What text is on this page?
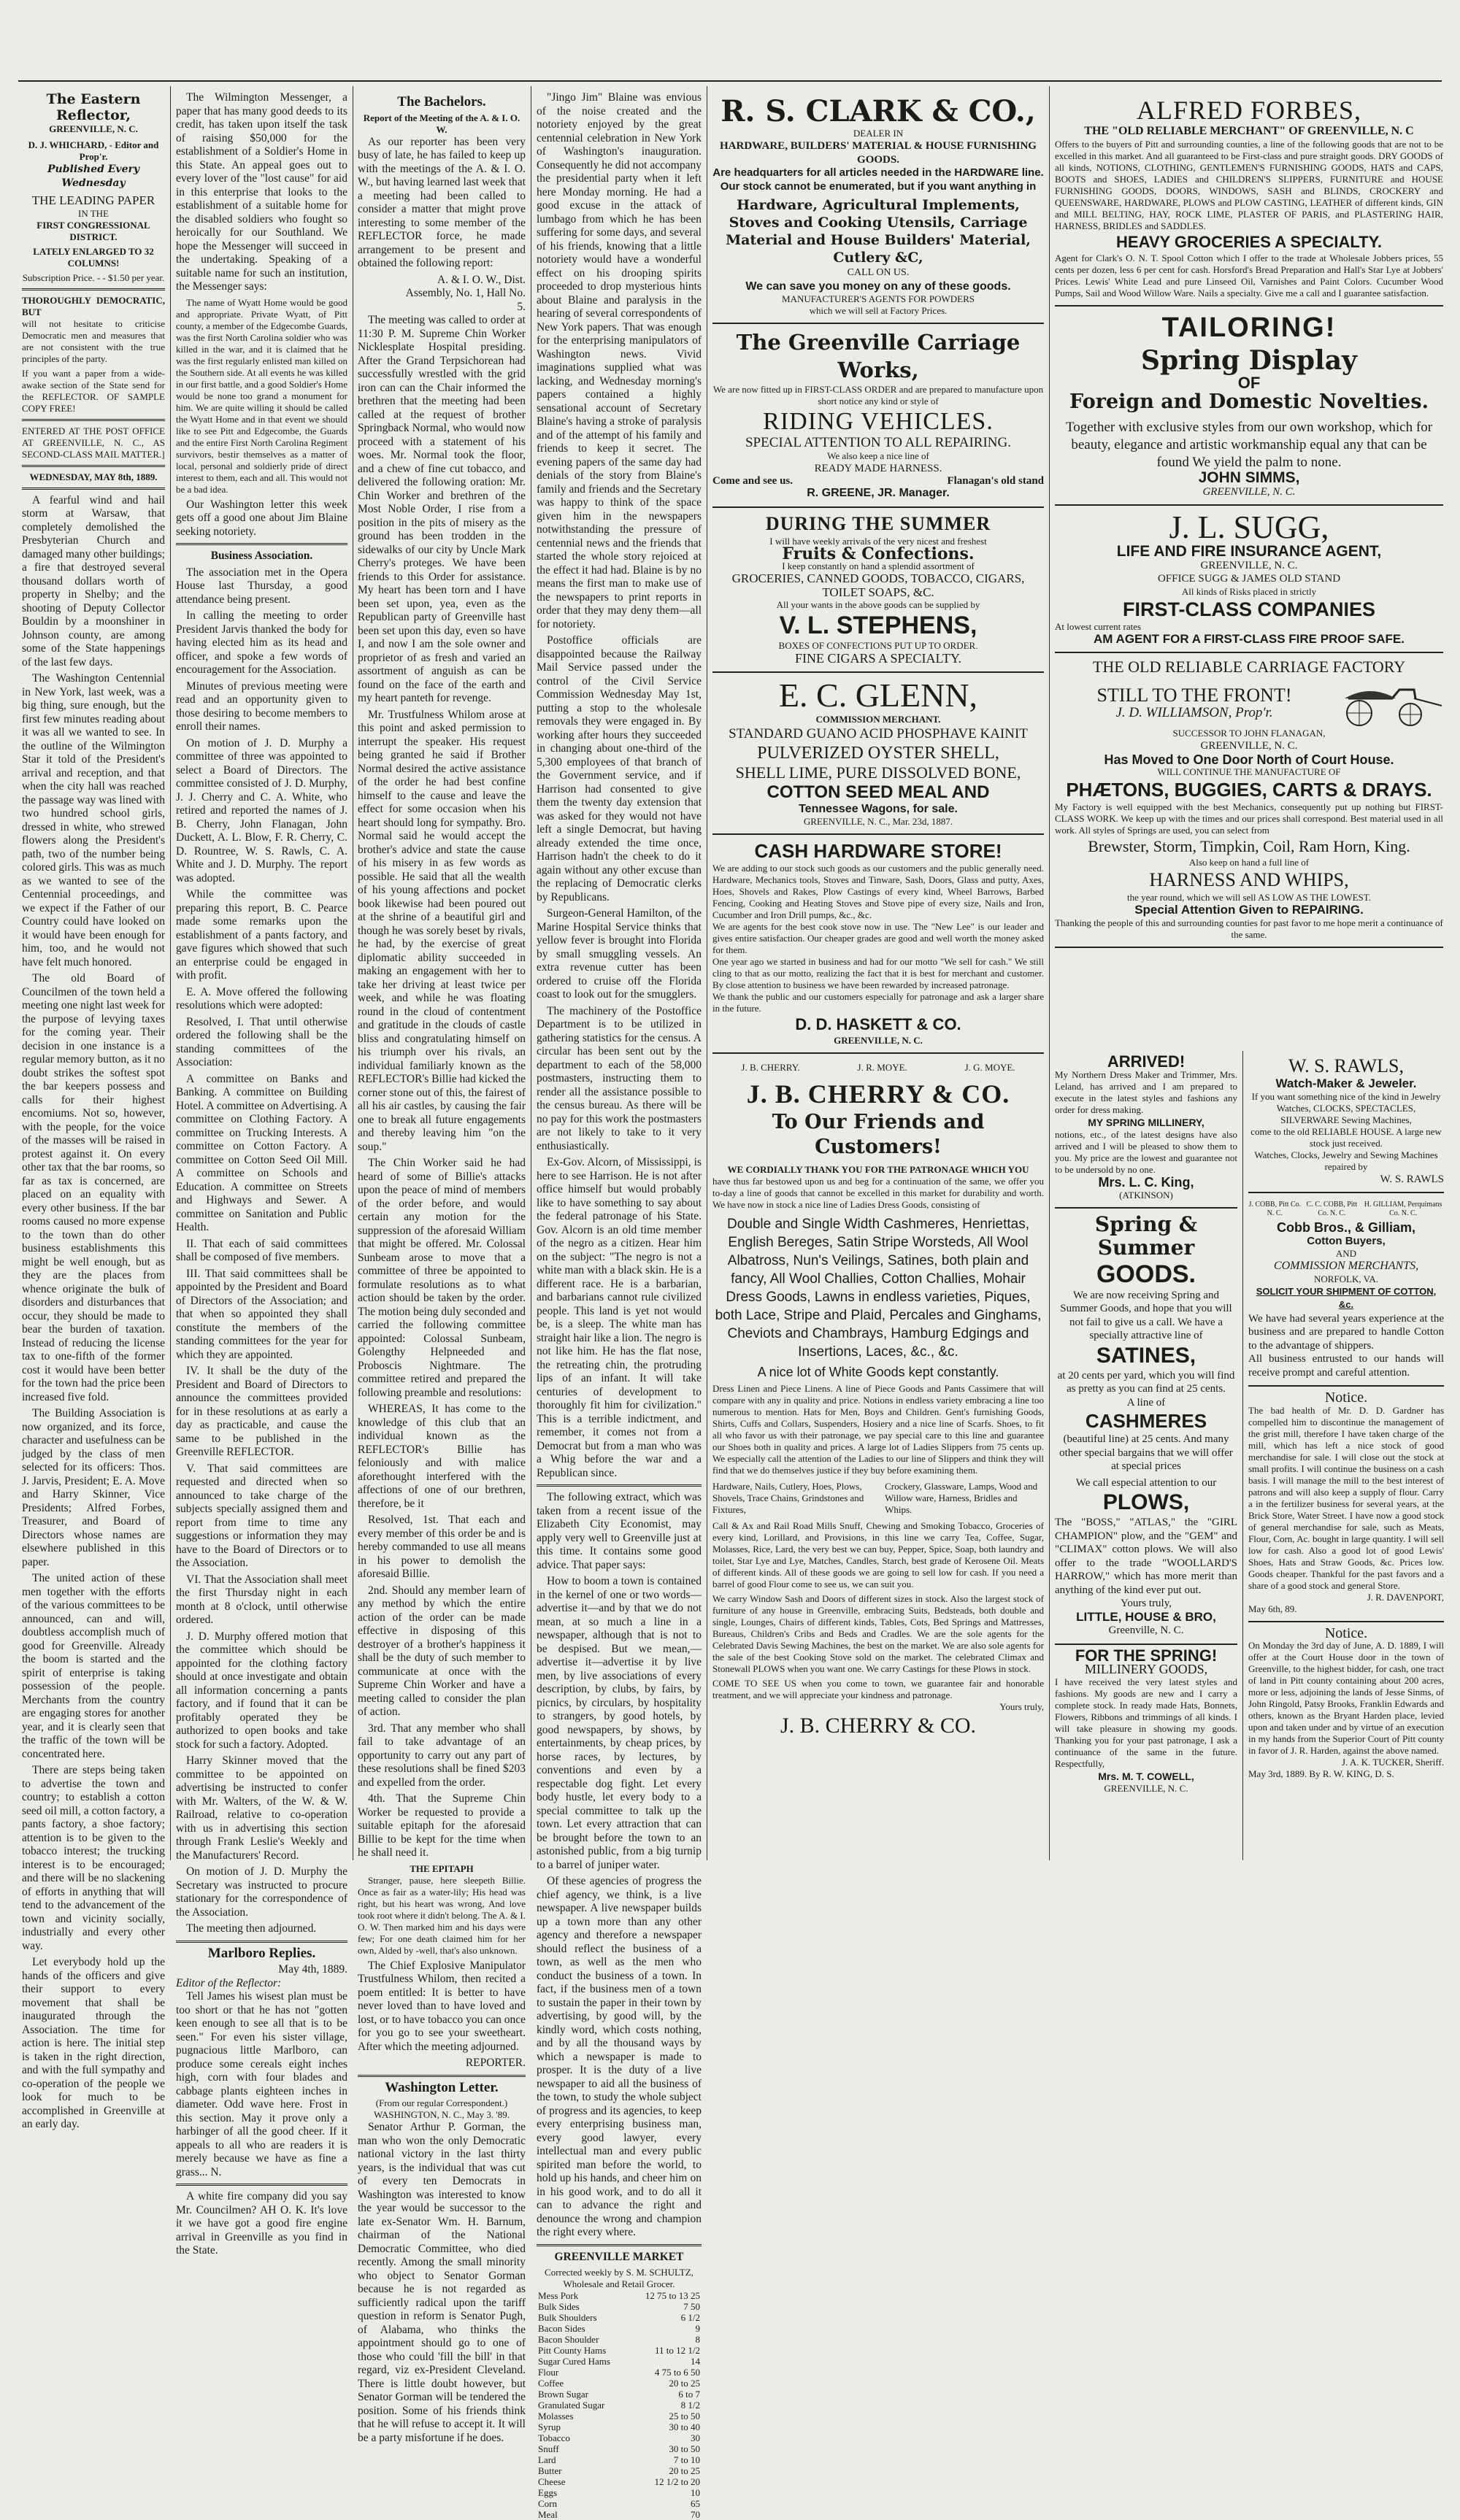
The Eastern Reflector,
GREENVILLE, N. C.
D. J. WHICHARD, - Editor and Prop'r.
Published Every Wednesday
THE LEADING PAPER
IN THE
FIRST CONGRESSIONAL DISTRICT.
LATELY ENLARGED TO 32 COLUMNS!
Subscription Price. - - $1.50 per year.
THOROUGHLY DEMOCRATIC, BUT
will not hesitate to criticise Democratic men and measures that are not consistent with the true principles of the party.
If you want a paper from a wide-awake section of the State send for the REFLECTOR. OF SAMPLE COPY FREE!
ENTERED AT THE POST OFFICE AT GREENVILLE, N. C., AS SECOND-CLASS MAIL MATTER.]
WEDNESDAY, MAY 8th, 1889.

A fearful wind and hail storm at Warsaw, that completely demolished the Presbyterian Church and damaged many other buildings; a fire that destroyed several thousand dollars worth of property in Shelby; and the shooting of Deputy Collector Bouldin by a moonshiner in Johnson county, are among some of the State happenings of the last few days.

The Washington Centennial in New York, last week, was a big thing, sure enough, but the first few minutes reading about it was all we wanted to see. In the outline of the Wilmington Star it told of the President's arrival and reception, and that when the city hall was reached the passage way was lined with two hundred school girls, dressed in white, who strewed flowers along the President's path, two of the number being colored girls. This was as much as we wanted to see of the Centennial proceedings, and we expect if the Father of our Country could have looked on it would have been enough for him, too, and he would not have felt much honored.

The old Board of Councilmen of the town held a meeting one night last week for the purpose of levying taxes for the coming year. Their decision in one instance is a regular memory button, as it no doubt strikes the softest spot the bar keepers possess and calls for their highest encomiums. Not so, however, with the people, for the voice of the masses will be raised in protest against it. On every other tax that the bar rooms, so far as tax is concerned, are placed on an equality with every other business. If the bar rooms caused no more expense to the town than do other business establishments this might be well enough, but as they are the places from whence originate the bulk of disorders and disturbances that occur, they should be made to bear the burden of taxation. Instead of reducing the license tax to one-fifth of the former cost it would have been better for the town had the price been increased five fold.

The Building Association is now organized, and its force, character and usefulness can be judged by the class of men selected for its officers: Thos. J. Jarvis, President; E. A. Move and Harry Skinner, Vice Presidents; Alfred Forbes, Treasurer, and Board of Directors whose names are elsewhere published in this paper.

The united action of these men together with the efforts of the various committees to be announced, can and will, doubtless accomplish much of good for Greenville. Already the boom is started and the spirit of enterprise is taking possession of the people. Merchants from the country are engaging stores for another year, and it is clearly seen that the traffic of the town will be concentrated here.

There are steps being taken to advertise the town and country; to establish a cotton seed oil mill, a cotton factory, a pants factory, a shoe factory; attention is to be given to the tobacco interest; the trucking interest is to be encouraged; and there will be no slackening of efforts in anything that will tend to the advancement of the town and vicinity socially, industrially and every other way.

Let everybody hold up the hands of the officers and give their support to every movement that shall be inaugurated through the Association. The time for action is here. The initial step is taken in the right direction, and with the full sympathy and co-operation of the people we look for much to be accomplished in Greenville at an early day.

The Wilmington Messenger, a paper that has many good deeds to its credit, has taken upon itself the task of raising $50,000 for the establishment of a Soldier's Home in this State. An appeal goes out to every lover of the "lost cause" for aid in this enterprise that looks to the establishment of a suitable home for the disabled soldiers who fought so heroically for our Southland. We hope the Messenger will succeed in the undertaking. Speaking of a suitable name for such an institution, the Messenger says:

The name of Wyatt Home would be good and appropriate. Private Wyatt, of Pitt county, a member of the Edgecombe Guards, was the first North Carolina soldier who was killed in the war, and it is claimed that he was the first regularly enlisted man killed on the Southern side. At all events he was killed in our first battle, and a good Soldier's Home would be none too grand a monument for him. We are quite willing it should be called the Wyatt Home and in that event we should like to see Pitt and Edgecombe, the Guards and the entire First North Carolina Regiment survivors, bestir themselves as a matter of local, personal and soldierly pride of direct interest to them, each and all. This would not be a bad idea.

Our Washington letter this week gets off a good one about Jim Blaine seeking notoriety.

Business Association.

The association met in the Opera House last Thursday, a good attendance being present.

In calling the meeting to order President Jarvis thanked the body for having elected him as its head and officer, and spoke a few words of encouragement for the Association.

Minutes of previous meeting were read and an opportunity given to those desiring to become members to enroll their names.

On motion of J. D. Murphy a committee of three was appointed to select a Board of Directors. The committee consisted of J. D. Murphy, J. J. Cherry and C. A. White, who retired and reported the names of J. B. Cherry, John Flanagan, John Duckett, A. L. Blow, F. R. Cherry, C. D. Rountree, W. S. Rawls, C. A. White and J. D. Murphy. The report was adopted.

While the committee was preparing this report, B. C. Pearce made some remarks upon the establishment of a pants factory, and gave figures which showed that such an enterprise could be engaged in with profit.

E. A. Move offered the following resolutions which were adopted:

Resolved, I. That until otherwise ordered the following shall be the standing committees of the Association:

A committee on Banks and Banking. A committee on Building Hotel. A committee on Advertising. A committee on Clothing Factory. A committee on Trucking Interests. A committee on Cotton Factory. A committee on Cotton Seed Oil Mill. A committee on Schools and Education. A committee on Streets and Highways and Sewer. A committee on Sanitation and Public Health.

II. That each of said committees shall be composed of five members.

III. That said committees shall be appointed by the President and Board of Directors of the Association; and that when so appointed they shall constitute the members of the standing committees for the year for which they are appointed.

IV. It shall be the duty of the President and Board of Directors to announce the committees provided for in these resolutions at as early a day as practicable, and cause the same to be published in the Greenville REFLECTOR.

V. That said committees are requested and directed when so announced to take charge of the subjects specially assigned them and report from time to time any suggestions or information they may have to the Board of Directors or to the Association.

VI. That the Association shall meet the first Thursday night in each month at 8 o'clock, until otherwise ordered.

J. D. Murphy offered motion that the committee which should be appointed for the clothing factory should at once investigate and obtain all information concerning a pants factory, and if found that it can be profitably operated they be authorized to open books and take stock for such a factory. Adopted.

Harry Skinner moved that the committee to be appointed on advertising be instructed to confer with Mr. Walters, of the W. & W. Railroad, relative to co-operation with us in advertising this section through Frank Leslie's Weekly and the Manufacturers' Record.

On motion of J. D. Murphy the Secretary was instructed to procure stationary for the correspondence of the Association.

The meeting then adjourned.

Marlboro Replies.
May 4th, 1889.
Editor of the Reflector:

Tell James his wisest plan must be too short or that he has not "gotten keen enough to see all that is to be seen." For even his sister village, pugnacious little Marlboro, can produce some cereals eight inches high, corn with four blades and cabbage plants eighteen inches in diameter. Odd wave here. Frost in this section. May it prove only a harbinger of all the good cheer. If it appeals to all who are readers it is merely because we have as fine a grass... N.

A white fire company did you say Mr. Councilmen? AH O. K. It's love it we have got a good fire engine arrival in Greenville as you find in the State.

The Bachelors.
Report of the Meeting of the A. & I. O. W.

As our reporter has been very busy of late, he has failed to keep up with the meetings of the A. & I. O. W., but having learned last week that a meeting had been called to consider a matter that might prove interesting to some member of the REFLECTOR force, he made arrangement to be present and obtained the following report:

A. & I. O. W., Dist. Assembly, No. 1, Hall No. 5.

The meeting was called to order at 11:30 P. M. Supreme Chin Worker Nicklesplate Hospital presiding. After the Grand Terpsichorean had successfully wrestled with the grid iron can can the Chair informed the brethren that the meeting had been called at the request of brother Springback Normal, who would now proceed with a statement of his woes. Mr. Normal took the floor, and a chew of fine cut tobacco, and delivered the following oration: Mr. Chin Worker and brethren of the Most Noble Order, I rise from a position in the pits of misery as the ground has been trodden in the sidewalks of our city by Uncle Mark Cherry's proteges. We have been friends to this Order for assistance. My heart has been torn and I have been set upon, yea, even as the Republican party of Greenville hast been set upon this day, even so have I, and now I am the sole owner and proprietor of as fresh and varied an assortment of anguish as can be found on the face of the earth and my heart panteth for revenge.

Mr. Trustfulness Whilom arose at this point and asked permission to interrupt the speaker. His request being granted he said if Brother Normal desired the active assistance of the order he had best confine himself to the cause and leave the effect for some occasion when his heart should long for sympathy. Bro. Normal said he would accept the brother's advice and state the cause of his misery in as few words as possible. He said that all the wealth of his young affections and pocket book likewise had been poured out at the shrine of a beautiful girl and though he was sorely beset by rivals, he had, by the exercise of great diplomatic ability succeeded in making an engagement with her to take her driving at least twice per week, and while he was floating round in the cloud of contentment and gratitude in the clouds of castle bliss and congratulating himself on his triumph over his rivals, an individual familiarly known as the REFLECTOR's Billie had kicked the corner stone out of this, the fairest of all his air castles, by causing the fair one to break all future engagements and thereby leaving him "on the soup."

The Chin Worker said he had heard of some of Billie's attacks upon the peace of mind of members of the order before, and would certain any motion for the suppression of the aforesaid William that might be offered. Mr. Colossal Sunbeam arose to move that a committee of three be appointed to formulate resolutions as to what action should be taken by the order. The motion being duly seconded and carried the following committee appointed: Colossal Sunbeam, Golengthy Helpneeded and Proboscis Nightmare. The committee retired and prepared the following preamble and resolutions:

WHEREAS, It has come to the knowledge of this club that an individual known as the REFLECTOR's Billie has feloniously and with malice aforethought interfered with the affections of one of our brethren, therefore, be it

Resolved, 1st. That each and every member of this order be and is hereby commanded to use all means in his power to demolish the aforesaid Billie.

2nd. Should any member learn of any method by which the entire action of the order can be made effective in disposing of this destroyer of a brother's happiness it shall be the duty of such member to communicate at once with the Supreme Chin Worker and have a meeting called to consider the plan of action.

3rd. That any member who shall fail to take advantage of an opportunity to carry out any part of these resolutions shall be fined $203 and expelled from the order.

4th. That the Supreme Chin Worker be requested to provide a suitable epitaph for the aforesaid Billie to be kept for the time when he shall need it.

THE EPITAPH

Stranger, pause, here sleepeth Billie. Once as fair as a water-lily; His head was right, but his heart was wrong, And love took root where it didn't belong. The A. & I. O. W. Then marked him and his days were few; For one death claimed him for her own, Alded by -well, that's also unknown.

The Chief Explosive Manipulator Trustfulness Whilom, then recited a poem entitled: It is better to have never loved than to have loved and lost, or to have tobacco you can once for you go to see your sweetheart. After which the meeting adjourned.

REPORTER.
Washington Letter.
(From our regular Correspondent.)
WASHINGTON, N. C., May 3. '89.

Senator Arthur P. Gorman, the man who won the only Democratic national victory in the last thirty years, is the individual that was cut of every ten Democrats in Washington was interested to know the year would be successor to the late ex-Senator Wm. H. Barnum, chairman of the National Democratic Committee, who died recently. Among the small minority who object to Senator Gorman because he is not regarded as sufficiently radical upon the tariff question in reform is Senator Pugh, of Alabama, who thinks the appointment should go to one of those who could 'fill the bill' in that regard, viz ex-President Cleveland. There is little doubt however, but Senator Gorman will be tendered the position. Some of his friends think that he will refuse to accept it. It will be a party misfortune if he does.

"Jingo Jim" Blaine was envious of the noise created and the notoriety enjoyed by the great centennial celebration in New York of Washington's inauguration. Consequently he did not accompany the presidential party when it left here Monday morning. He had a good excuse in the attack of lumbago from which he has been suffering for some days, and several of his friends, knowing that a little notoriety would have a wonderful effect on his drooping spirits proceeded to drop mysterious hints about Blaine and paralysis in the hearing of several correspondents of New York papers. That was enough for the enterprising manipulators of Washington news. Vivid imaginations supplied what was lacking, and Wednesday morning's papers contained a highly sensational account of Secretary Blaine's having a stroke of paralysis and of the attempt of his family and friends to keep it secret. The evening papers of the same day had denials of the story from Blaine's family and friends and the Secretary was happy to think of the space given him in the newspapers notwithstanding the pressure of centennial news and the friends that started the whole story rejoiced at the effect it had had. Blaine is by no means the first man to make use of the newspapers to print reports in order that they may deny them—all for notoriety.

Postoffice officials are disappointed because the Railway Mail Service passed under the control of the Civil Service Commission Wednesday May 1st, putting a stop to the wholesale removals they were engaged in. By working after hours they succeeded in changing about one-third of the 5,300 employees of that branch of the Government service, and if Harrison had consented to give them the twenty day extension that was asked for they would not have left a single Democrat, but having already extended the time once, Harrison hadn't the cheek to do it again without any other excuse than the replacing of Democratic clerks by Republicans.

Surgeon-General Hamilton, of the Marine Hospital Service thinks that yellow fever is brought into Florida by small smuggling vessels. An extra revenue cutter has been ordered to cruise off the Florida coast to look out for the smugglers.

The machinery of the Postoffice Department is to be utilized in gathering statistics for the census. A circular has been sent out by the department to each of the 58,000 postmasters, instructing them to render all the assistance possible to the census bureau. As there will be no pay for this work the postmasters are not likely to take to it very enthusiastically.

Ex-Gov. Alcorn, of Mississippi, is here to see Harrison. He is not after office himself but would probably like to have something to say about the federal patronage of his State. Gov. Alcorn is an old time member of the negro as a citizen. Hear him on the subject: "The negro is not a white man with a black skin. He is a different race. He is a barbarian, and barbarians cannot rule civilized people. This land is yet not would be, is a sleep. The white man has straight hair like a lion. The negro is not like him. He has the flat nose, the retreating chin, the protruding lips of an infant. It will take centuries of development to thoroughly fit him for civilization." This is a terrible indictment, and remember, it comes not from a Democrat but from a man who was a Whig before the war and a Republican since.

The following extract, which was taken from a recent issue of the Elizabeth City Economist, may apply very well to Greenville just at this time. It contains some good advice. That paper says:

How to boom a town is contained in the kernel of one or two words—advertise it—and by that we do not mean, at so much a line in a newspaper, although that is not to be despised. But we mean,—advertise it—advertise it by live men, by live associations of every description, by clubs, by fairs, by picnics, by circulars, by hospitality to strangers, by good hotels, by good newspapers, by shows, by entertainments, by cheap prices, by horse races, by lectures, by conventions and even by a respectable dog fight. Let every body hustle, let every body to a special committee to talk up the town. Let every attraction that can be brought before the town to an astonished public, from a big turnip to a barrel of juniper water.

Of these agencies of progress the chief agency, we think, is a live newspaper. A live newspaper builds up a town more than any other agency and therefore a newspaper should reflect the business of a town, as well as the men who conduct the business of a town. In fact, if the business men of a town to sustain the paper in their town by advertising, by good will, by the kindly word, which costs nothing, and by all the thousand ways by which a newspaper is made to prosper. It is the duty of a live newspaper to aid all the business of the town, to study the whole subject of progress and its agencies, to keep every enterprising business man, every good lawyer, every intellectual man and every public spirited man before the world, to hold up his hands, and cheer him on in his good work, and to do all it can to advance the right and denounce the wrong and champion the right every where.

GREENVILLE MARKET
Corrected weekly by S. M. SCHULTZ, Wholesale and Retail Grocer.
Mess Pork	12 75 to 13 25
Bulk Sides	7 50
Bulk Shoulders	6 1/2
Bacon Sides	9
Bacon Shoulder	8
Pitt County Hams	11 to 12 1/2
Sugar Cured Hams	14
Flour	4 75 to 6 50
Coffee	20 to 25
Brown Sugar	6 to 7
Granulated Sugar	8 1/2
Molasses	25 to 50
Syrup	30 to 40
Tobacco	30
Snuff	30 to 50
Lard	7 to 10
Butter	20 to 25
Cheese	12 1/2 to 20
Eggs	10
Corn	65
Meal	70
R. S. CLARK & CO.,
DEALER IN
HARDWARE, BUILDERS' MATERIAL & HOUSE FURNISHING GOODS.
Are headquarters for all articles needed in the HARDWARE line. Our stock cannot be enumerated, but if you want anything in
Hardware, Agricultural Implements, Stoves and Cooking Utensils, Carriage Material and House Builders' Material, Cutlery &C,
CALL ON US.
We can save you money on any of these goods.
MANUFACTURER'S AGENTS FOR POWDERS
which we will sell at Factory Prices.
The Greenville Carriage Works,
We are now fitted up in FIRST-CLASS ORDER and are prepared to manufacture upon short notice any kind or style of
RIDING VEHICLES.
SPECIAL ATTENTION TO ALL REPAIRING.
We also keep a nice line of
READY MADE HARNESS.
Come and see us.	Flanagan's old stand
R. GREENE, JR. Manager.
DURING THE SUMMER
I will have weekly arrivals of the very nicest and freshest
Fruits & Confections.
I keep constantly on hand a splendid assortment of
GROCERIES, CANNED GOODS, TOBACCO, CIGARS, TOILET SOAPS, &C.
All your wants in the above goods can be supplied by
V. L. STEPHENS,
BOXES OF CONFECTIONS PUT UP TO ORDER.
FINE CIGARS A SPECIALTY.
E. C. GLENN,
COMMISSION MERCHANT.
STANDARD GUANO ACID PHOSPHAVE KAINIT
PULVERIZED OYSTER SHELL,
SHELL LIME, PURE DISSOLVED BONE,
COTTON SEED MEAL AND
Tennessee Wagons, for sale.
GREENVILLE, N. C., Mar. 23d, 1887.
CASH HARDWARE STORE!
We are adding to our stock such goods as our customers and the public generally need. Hardware, Mechanics tools, Stoves and Tinware, Sash, Doors, Glass and putty, Axes, Hoes, Shovels and Rakes, Plow Castings of every kind, Wheel Barrows, Barbed Fencing, Cooking and Heating Stoves and Stove pipe of every size, Nails and Iron, Cucumber and Iron Drill pumps, &c., &c.
We are agents for the best cook stove now in use. The "New Lee" is our leader and gives entire satisfaction. Our cheaper grades are good and well worth the money asked for them.
One year ago we started in business and had for our motto "We sell for cash." We still cling to that as our motto, realizing the fact that it is best for merchant and customer. By close attention to business we have been rewarded by increased patronage.
We thank the public and our customers especially for patronage and ask a larger share in the future.
D. D. HASKETT & CO.
GREENVILLE, N. C.
J. B. CHERRY.	J. R. MOYE.	J. G. MOYE.
J. B. CHERRY & CO.
To Our Friends and Customers!
WE CORDIALLY THANK YOU FOR THE PATRONAGE WHICH YOU
have thus far bestowed upon us and beg for a continuation of the same, we offer you to-day a line of goods that cannot be excelled in this market for durability and worth. We have now in stock a nice line of Ladies Dress Goods, consisting of
Double and Single Width Cashmeres, Henriettas, English Bereges, Satin Stripe Worsteds, All Wool Albatross, Nun's Veilings, Satines, both plain and fancy, All Wool Challies, Cotton Challies, Mohair Dress Goods, Lawns in endless varieties, Piques, both Lace, Stripe and Plaid, Percales and Ginghams, Cheviots and Chambrays, Hamburg Edgings and Insertions, Laces, &c., &c.
A nice lot of White Goods kept constantly.
Dress Linen and Piece Linens. A line of Piece Goods and Pants Cassimere that will compare with any in quality and price. Notions in endless variety embracing a line too numerous to mention. Hats for Men, Boys and Children. Gent's furnishing Goods, Shirts, Cuffs and Collars, Suspenders, Hosiery and a nice line of Scarfs. Shoes, to fit all who favor us with their patronage, we pay special care to this line and guarantee our Shoes both in quality and prices. A large lot of Ladies Slippers from 75 cents up. We especially call the attention of the Ladies to our line of Slippers and think they will find that we do themselves justice if they buy before examining them.
Hardware, Nails, Cutlery, Hoes, Plows, Shovels, Trace Chains, Grindstones and Fixtures,
Crockery, Glassware, Lamps, Wood and Willow ware, Harness, Bridles and Whips.
Call & Ax and Rail Road Mills Snuff, Chewing and Smoking Tobacco, Groceries of every kind, Lorillard, and Provisions, in this line we carry Tea, Coffee, Sugar, Molasses, Rice, Lard, the very best we can buy, Pepper, Spice, Soap, both laundry and toilet, Star Lye and Lye, Matches, Candles, Starch, best grade of Kerosene Oil. Meats of different kinds. All of these goods we are going to sell low for cash. If you need a barrel of good Flour come to see us, we can suit you.
We carry Window Sash and Doors of different sizes in stock. Also the largest stock of furniture of any house in Greenville, embracing Suits, Bedsteads, both double and single, Lounges, Chairs of different kinds, Tables, Cots, Bed Springs and Mattresses, Bureaus, Children's Cribs and Beds and Cradles. We are the sole agents for the Celebrated Davis Sewing Machines, the best on the market. We are also sole agents for the sale of the best Cooking Stove sold on the market. The celebrated Climax and Stonewall PLOWS when you want one. We carry Castings for these Plows in stock.
COME TO SEE US when you come to town, we guarantee fair and honorable treatment, and we will appreciate your kindness and patronage.
Yours truly,
J. B. CHERRY & CO.
ALFRED FORBES,
THE "OLD RELIABLE MERCHANT" OF GREENVILLE, N. C
Offers to the buyers of Pitt and surrounding counties, a line of the following goods that are not to be excelled in this market. And all guaranteed to be First-class and pure straight goods. DRY GOODS of all kinds, NOTIONS, CLOTHING, GENTLEMEN'S FURNISHING GOODS, HATS and CAPS, BOOTS and SHOES, LADIES and CHILDREN'S SLIPPERS, FURNITURE and HOUSE FURNISHING GOODS, DOORS, WINDOWS, SASH and BLINDS, CROCKERY and QUEENSWARE, HARDWARE, PLOWS and PLOW CASTING, LEATHER of different kinds, GIN and MILL BELTING, HAY, ROCK LIME, PLASTER OF PARIS, and PLASTERING HAIR, HARNESS, BRIDLES and SADDLES.
HEAVY GROCERIES A SPECIALTY.
Agent for Clark's O. N. T. Spool Cotton which I offer to the trade at Wholesale Jobbers prices, 55 cents per dozen, less 6 per cent for cash. Horsford's Bread Preparation and Hall's Star Lye at Jobbers' Prices. Lewis' White Lead and pure Linseed Oil, Varnishes and Paint Colors. Cucumber Wood Pumps, Sail and Wood Willow Ware. Nails a specialty. Give me a call and I guarantee satisfaction.
TAILORING!
Spring Display
OF
Foreign and Domestic Novelties.
Together with exclusive styles from our own workshop, which for beauty, elegance and artistic workmanship equal any that can be found We yield the palm to none.
JOHN SIMMS,
GREENVILLE, N. C.
J. L. SUGG,
LIFE AND FIRE INSURANCE AGENT,
GREENVILLE, N. C.
OFFICE SUGG & JAMES OLD STAND
All kinds of Risks placed in strictly
FIRST-CLASS COMPANIES
At lowest current rates
AM AGENT FOR A FIRST-CLASS FIRE PROOF SAFE.
THE OLD RELIABLE CARRIAGE FACTORY
STILL TO THE FRONT!
J. D. WILLIAMSON, Prop'r.
SUCCESSOR TO JOHN FLANAGAN,
GREENVILLE, N. C.
Has Moved to One Door North of Court House.
WILL CONTINUE THE MANUFACTURE OF
PHÆTONS, BUGGIES, CARTS & DRAYS.
My Factory is well equipped with the best Mechanics, consequently put up nothing but FIRST-CLASS WORK. We keep up with the times and our prices shall correspond. Best material used in all work. All styles of Springs are used, you can select from
Brewster, Storm, Timpkin, Coil, Ram Horn, King.
Also keep on hand a full line of
HARNESS AND WHIPS,
the year round, which we will sell AS LOW AS THE LOWEST.
Special Attention Given to REPAIRING.
Thanking the people of this and surrounding counties for past favor to me hope merit a continuance of the same.
ARRIVED!
My Northern Dress Maker and Trimmer, Mrs. Leland, has arrived and I am prepared to execute in the latest styles and fashions any order for dress making.
MY SPRING MILLINERY,
notions, etc., of the latest designs have also arrived and I will be pleased to show them to you. My price are the lowest and guarantee not to be undersold by no one.
Mrs. L. C. King,
(ATKINSON)
Spring & Summer
GOODS.
We are now receiving Spring and Summer Goods, and hope that you will not fail to give us a call. We have a specially attractive line of
SATINES,
at 20 cents per yard, which you will find as pretty as you can find at 25 cents.
A line of
CASHMERES
(beautiful line) at 25 cents. And many other special bargains that we will offer at special prices
We call especial attention to our
PLOWS,
The "BOSS," "ATLAS," the "GIRL CHAMPION" plow, and the "GEM" and "CLIMAX" cotton plows. We will also offer to the trade "WOOLLARD'S HARROW," which has more merit than anything of the kind ever put out.
Yours truly,
LITTLE, HOUSE & BRO,
Greenville, N. C.
FOR THE SPRING!
MILLINERY GOODS,
I have received the very latest styles and fashions. My goods are new and I carry a complete stock. In ready made Hats, Bonnets, Flowers, Ribbons and trimmings of all kinds. I will take pleasure in showing my goods. Thanking you for your past patronage, I ask a continuance of the same in the future. Respectfully,
Mrs. M. T. COWELL,
GREENVILLE, N. C.
W. S. RAWLS,
Watch-Maker & Jeweler.
If you want something nice of the kind in Jewelry Watches, CLOCKS, SPECTACLES, SILVERWARE Sewing Machines,
come to the old RELIABLE HOUSE. A large new stock just received.
Watches, Clocks, Jewelry and Sewing Machines repaired by
W. S. RAWLS
J. COBB, Pitt Co. N. C.
C. C. COBB, Pitt Co. N. C.
H. GILLIAM, Perquimans Co. N. C.
Cobb Bros., & Gilliam,
Cotton Buyers,
AND
COMMISSION MERCHANTS,
NORFOLK, VA.
SOLICIT YOUR SHIPMENT OF COTTON, &c.
We have had several years experience at the business and are prepared to handle Cotton to the advantage of shippers.
All business entrusted to our hands will receive prompt and careful attention.
Notice.
The bad health of Mr. D. D. Gardner has compelled him to discontinue the management of the grist mill, therefore I have taken charge of the mill, which has left a nice stock of good merchandise for sale. I will close out the stock at small profits. I will continue the business on a cash basis. I will manage the mill to the best interest of patrons and will also keep a supply of flour. Carry a in the fertilizer business for several years, at the Brick Store, Water Street. I have now a good stock of general merchandise for sale, such as Meats, Flour, Corn, Ac. bought in large quantity. I will sell low for cash. Also a good lot of good Lewis' Shoes, Hats and Straw Goods, &c. Prices low. Goods cheaper. Thankful for the past favors and a share of a good stock and general Store.
J. R. DAVENPORT,
May 6th, 89.
Notice.
On Monday the 3rd day of June, A. D. 1889, I will offer at the Court House door in the town of Greenville, to the highest bidder, for cash, one tract of land in Pitt county containing about 200 acres, more or less, adjoining the lands of Jesse Sinms, of John Ringold, Patsy Brooks, Franklin Edwards and others, known as the Bryant Harden place, levied upon and taken under and by virtue of an execution in my hands from the Superior Court of Pitt county in favor of J. R. Harden, against the above named.
J. A. K. TUCKER, Sheriff.
May 3rd, 1889. By R. W. KING, D. S.
